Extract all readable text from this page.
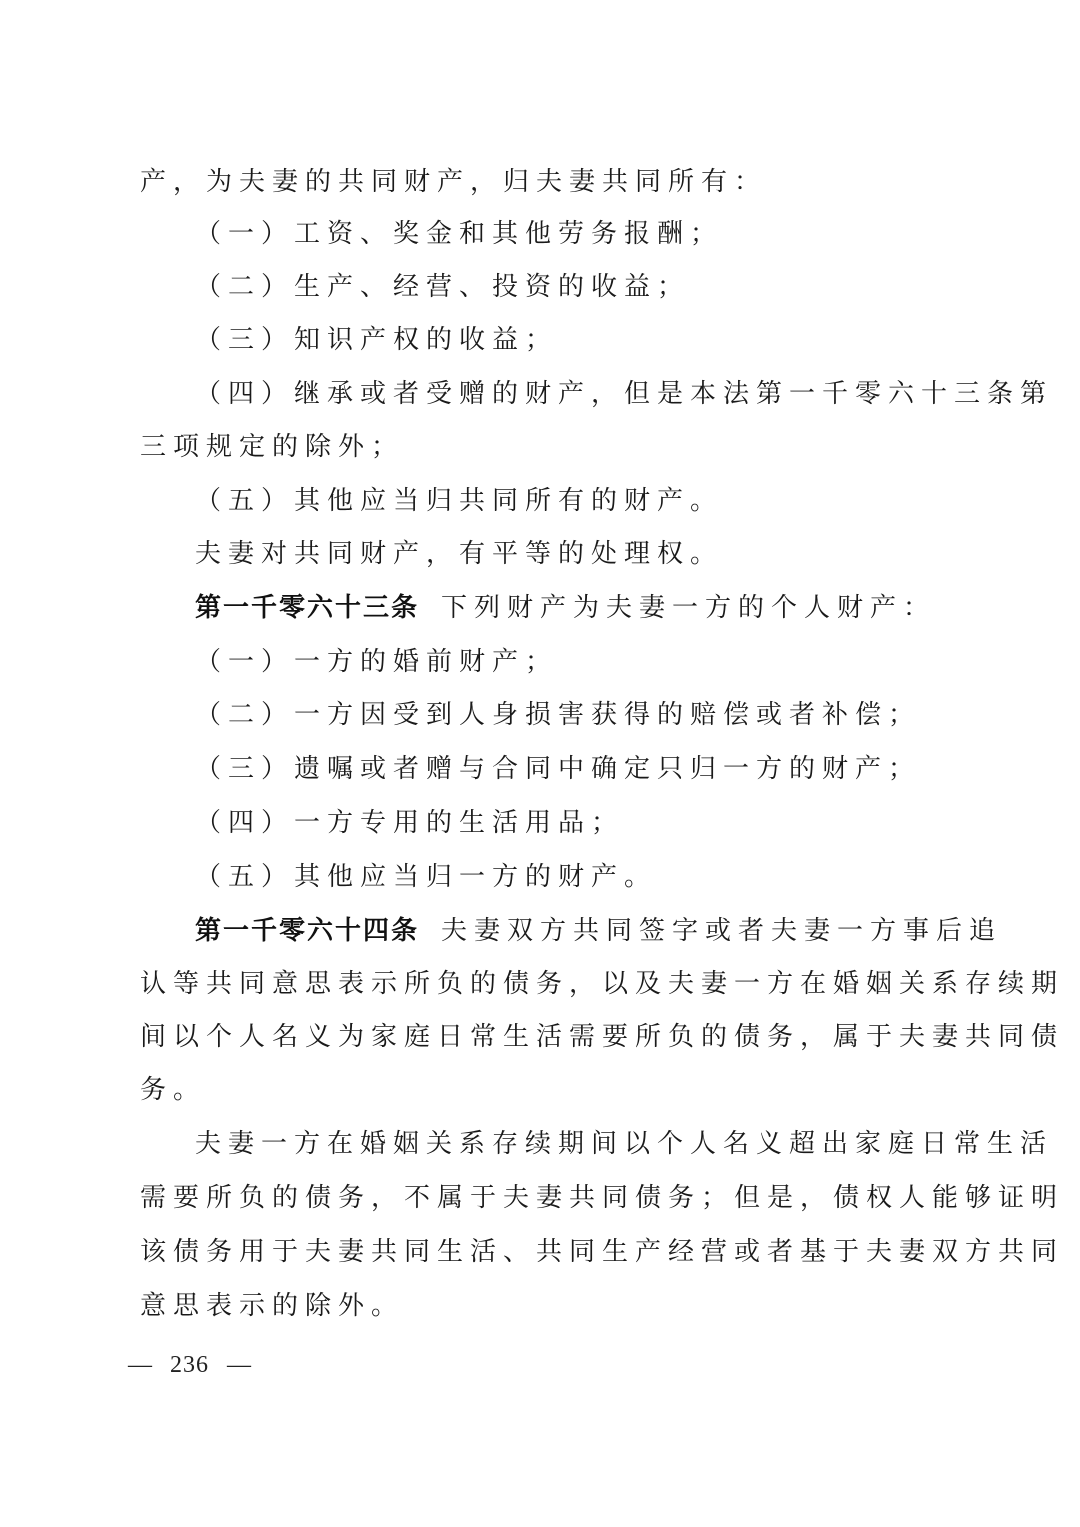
产，为夫妻的共同财产，归夫妻共同所有：
（一）工资、奖金和其他劳务报酬；
（二）生产、经营、投资的收益；
（三）知识产权的收益；
（四）继承或者受赠的财产，但是本法第一千零六十三条第
三项规定的除外；
（五）其他应当归共同所有的财产。
夫妻对共同财产，有平等的处理权。
第一千零六十三条 下列财产为夫妻一方的个人财产：
（一）一方的婚前财产；
（二）一方因受到人身损害获得的赔偿或者补偿；
（三）遗嘱或者赠与合同中确定只归一方的财产；
（四）一方专用的生活用品；
（五）其他应当归一方的财产。
第一千零六十四条 夫妻双方共同签字或者夫妻一方事后追
认等共同意思表示所负的债务，以及夫妻一方在婚姻关系存续期
间以个人名义为家庭日常生活需要所负的债务，属于夫妻共同债
务。
夫妻一方在婚姻关系存续期间以个人名义超出家庭日常生活
需要所负的债务，不属于夫妻共同债务；但是，债权人能够证明
该债务用于夫妻共同生活、共同生产经营或者基于夫妻双方共同
意思表示的除外。
— 236 —
